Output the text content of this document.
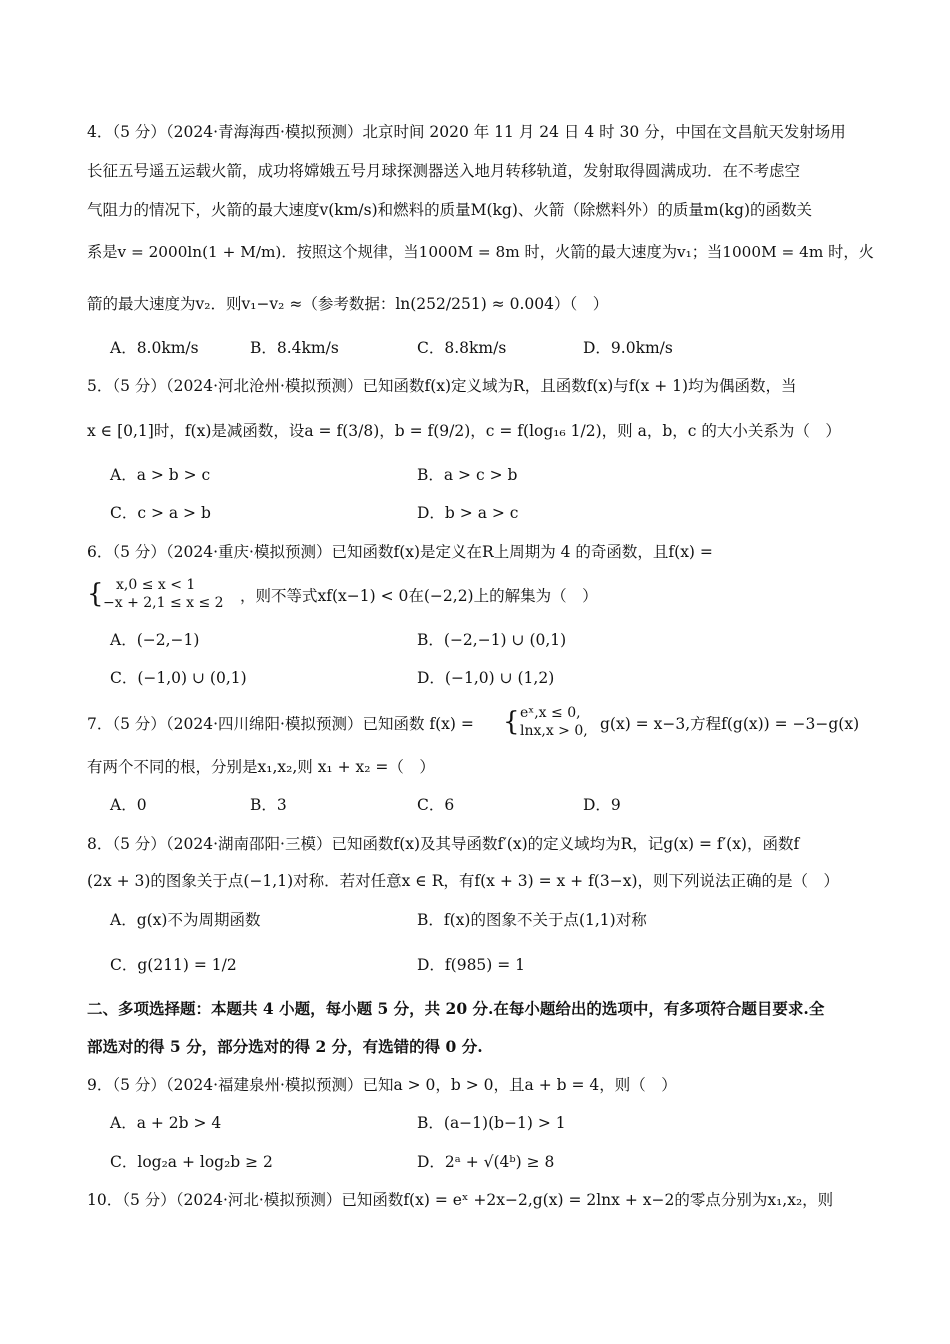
4．（5 分）（2024·青海海西·模拟预测）北京时间 2020 年 11 月 24 日 4 时 30 分，中国在文昌航天发射场用
长征五号遥五运载火箭，成功将嫦娥五号月球探测器送入地月转移轨道，发射取得圆满成功．在不考虑空
气阻力的情况下，火箭的最大速度v(km/s)和燃料的质量M(kg)、火箭（除燃料外）的质量m(kg)的函数关
系是v = 2000ln(1 + M/m)．按照这个规律，当1000M = 8m 时，火箭的最大速度为v₁；当1000M = 4m 时，火
箭的最大速度为v₂．则v₁−v₂ ≈（参考数据：ln(252/251) ≈ 0.004）（　）
A．8.0km/s	B．8.4km/s	C．8.8km/s	D．9.0km/s
5．（5 分）（2024·河北沧州·模拟预测）已知函数f(x)定义域为R，且函数f(x)与f(x + 1)均为偶函数，当
x ∈ [0,1]时，f(x)是减函数，设a = f(3/8)，b = f(9/2)，c = f(log₁₆ 1/2)，则 a，b，c 的大小关系为（　）
A．a > b > c	B．a > c > b
C．c > a > b	D．b > a > c
6．（5 分）（2024·重庆·模拟预测）已知函数f(x)是定义在R上周期为 4 的奇函数，且f(x) =
{ x,0 ≤ x < 1
−x + 2,1 ≤ x ≤ 2 ，则不等式xf(x−1) < 0在(−2,2)上的解集为（　）
A．(−2,−1)	B．(−2,−1) ∪ (0,1)
C．(−1,0) ∪ (0,1)	D．(−1,0) ∪ (1,2)
7．（5 分）（2024·四川绵阳·模拟预测）已知函数 f(x) = { eˣ,x ≤ 0,
lnx,x > 0, g(x) = x−3,方程f(g(x)) = −3−g(x)
有两个不同的根，分别是x₁,x₂,则 x₁ + x₂ =（　）
A．0	B．3	C．6	D．9
8．（5 分）（2024·湖南邵阳·三模）已知函数f(x)及其导函数f′(x)的定义域均为R，记g(x) = f′(x)，函数f
(2x + 3)的图象关于点(−1,1)对称．若对任意x ∈ R，有f(x + 3) = x + f(3−x)，则下列说法正确的是（　）
A．g(x)不为周期函数	B．f(x)的图象不关于点(1,1)对称
C．g(211) = 1/2	D．f(985) = 1
二、多项选择题：本题共 4 小题，每小题 5 分，共 20 分.在每小题给出的选项中，有多项符合题目要求.全
部选对的得 5 分，部分选对的得 2 分，有选错的得 0 分.
9．（5 分）（2024·福建泉州·模拟预测）已知a > 0，b > 0，且a + b = 4，则（　）
A．a + 2b > 4	B．(a−1)(b−1) > 1
C．log₂a + log₂b ≥ 2	D．2ᵃ + √(4ᵇ) ≥ 8
10．（5 分）（2024·河北·模拟预测）已知函数f(x) = eˣ +2x−2,g(x) = 2lnx + x−2的零点分别为x₁,x₂，则
